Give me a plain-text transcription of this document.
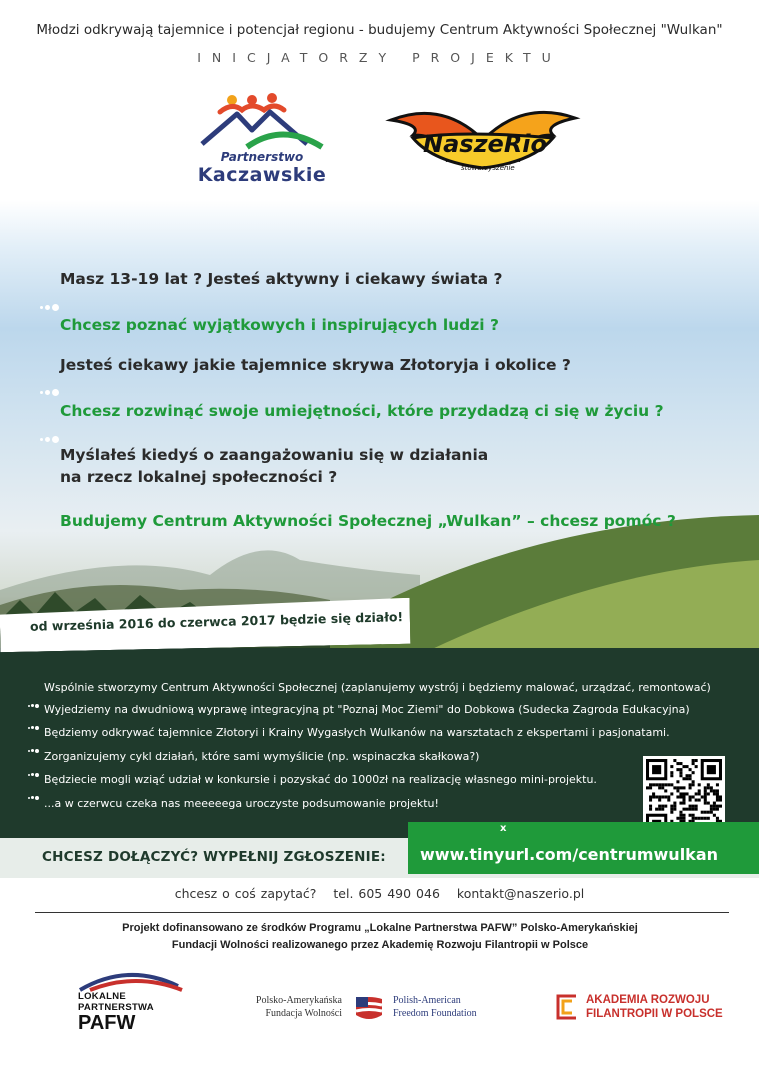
Młodzi odkrywają tajemnice i potencjał regionu - budujemy Centrum Aktywności Społecznej "Wulkan"
INICJATORZY PROJEKTU
Partnerstwo
Kaczawskie
NaszeRio
stowarzyszenie
Masz 13-19 lat ? Jesteś aktywny i ciekawy świata ?
Chcesz poznać wyjątkowych i inspirujących ludzi ?
Jesteś ciekawy jakie tajemnice skrywa Złotoryja i okolice ?
Chcesz rozwinąć swoje umiejętności, które przydadzą ci się w życiu ?
Myślałeś kiedyś o zaangażowaniu się w działania
na rzecz lokalnej społeczności ?
Budujemy Centrum Aktywności Społecznej „Wulkan” – chcesz pomóc ?
od września 2016 do czerwca 2017 będzie się działo!
Wspólnie stworzymy Centrum Aktywności Społecznej (zaplanujemy wystrój i będziemy malować, urządzać, remontować)
Wyjedziemy na dwudniową wyprawę integracyjną pt "Poznaj Moc Ziemi" do Dobkowa (Sudecka Zagroda Edukacyjna)
Będziemy odkrywać tajemnice Złotoryi i Krainy Wygasłych Wulkanów na warsztatach z ekspertami i pasjonatami.
Zorganizujemy cykl działań, które sami wymyślicie (np. wspinaczka skałkowa?)
Będziecie mogli wziąć udział w konkursie i pozyskać do 1000zł na realizację własnego mini-projektu.
...a w czerwcu czeka nas meeeeega uroczyste podsumowanie projektu!
CHCESZ DOŁĄCZYĆ? WYPEŁNIJ ZGŁOSZENIE:
x
www.tinyurl.com/centrumwulkan
chcesz o coś zapytać? tel. 605 490 046 kontakt@naszerio.pl
Projekt dofinansowano ze środków Programu „Lokalne Partnerstwa PAFW” Polsko-Amerykańskiej
Fundacji Wolności realizowanego przez Akademię Rozwoju Filantropii w Polsce
LOKALNE
PARTNERSTWA
PAFW
Polsko-Amerykańska
Fundacja Wolności
Polish-American
Freedom Foundation
AKADEMIA ROZWOJU
FILANTROPII W POLSCE
